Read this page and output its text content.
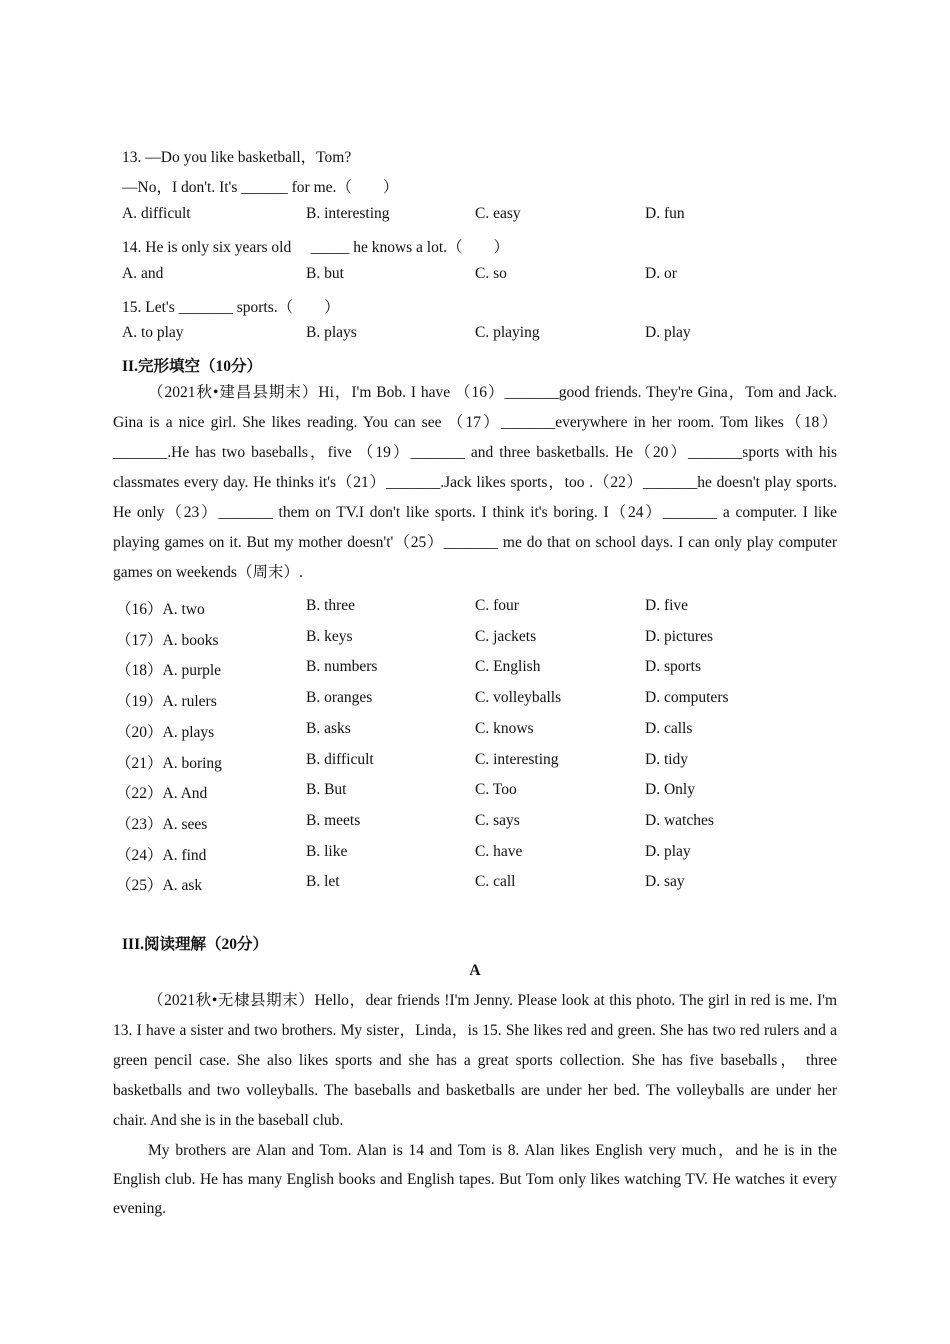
13. —Do you like basketball，Tom?
—No，I don't. It's ______ for me.（　　）
A. difficult	B. interesting	C. easy	D. fun
14. He is only six years old　 _____ he knows a lot.（　　）
A. and	B. but	C. so	D. or
15. Let's _______ sports.（　　）
A. to play	B. plays	C. playing	D. play
II.完形填空（10分）

（2021秋•建昌县期末）Hi，I'm Bob. I have （16）_______good friends. They're Gina，Tom and Jack. Gina is a nice girl. She likes reading. You can see （17）_______everywhere in her room. Tom likes（18）_______.He has two baseballs，five （19）_______ and three basketballs. He（20）_______sports with his classmates every day. He thinks it's（21）_______.Jack likes sports，too .（22）_______he doesn't play sports. He only（23）_______ them on TV.I don't like sports. I think it's boring. I（24）_______ a computer. I like playing games on it. But my mother doesn't'（25）_______ me do that on school days. I can only play computer games on weekends（周末）.

（16）A. two	B. three	C. four	D. five
（17）A. books	B. keys	C. jackets	D. pictures
（18）A. purple	B. numbers	C. English	D. sports
（19）A. rulers	B. oranges	C. volleyballs	D. computers
（20）A. plays	B. asks	C. knows	D. calls
（21）A. boring	B. difficult	C. interesting	D. tidy
（22）A. And	B. But	C. Too	D. Only
（23）A. sees	B. meets	C. says	D. watches
（24）A. find	B. like	C. have	D. play
（25）A. ask	B. let	C. call	D. say
III.阅读理解（20分）
A

（2021秋•无棣县期末）Hello，dear friends !I'm Jenny. Please look at this photo. The girl in red is me. I'm 13. I have a sister and two brothers. My sister，Linda，is 15. She likes red and green. She has two red rulers and a green pencil case. She also likes sports and she has a great sports collection. She has five baseballs， three basketballs and two volleyballs. The baseballs and basketballs are under her bed. The volleyballs are under her chair. And she is in the baseball club.

My brothers are Alan and Tom. Alan is 14 and Tom is 8. Alan likes English very much，and he is in the English club. He has many English books and English tapes. But Tom only likes watching TV. He watches it every evening.
